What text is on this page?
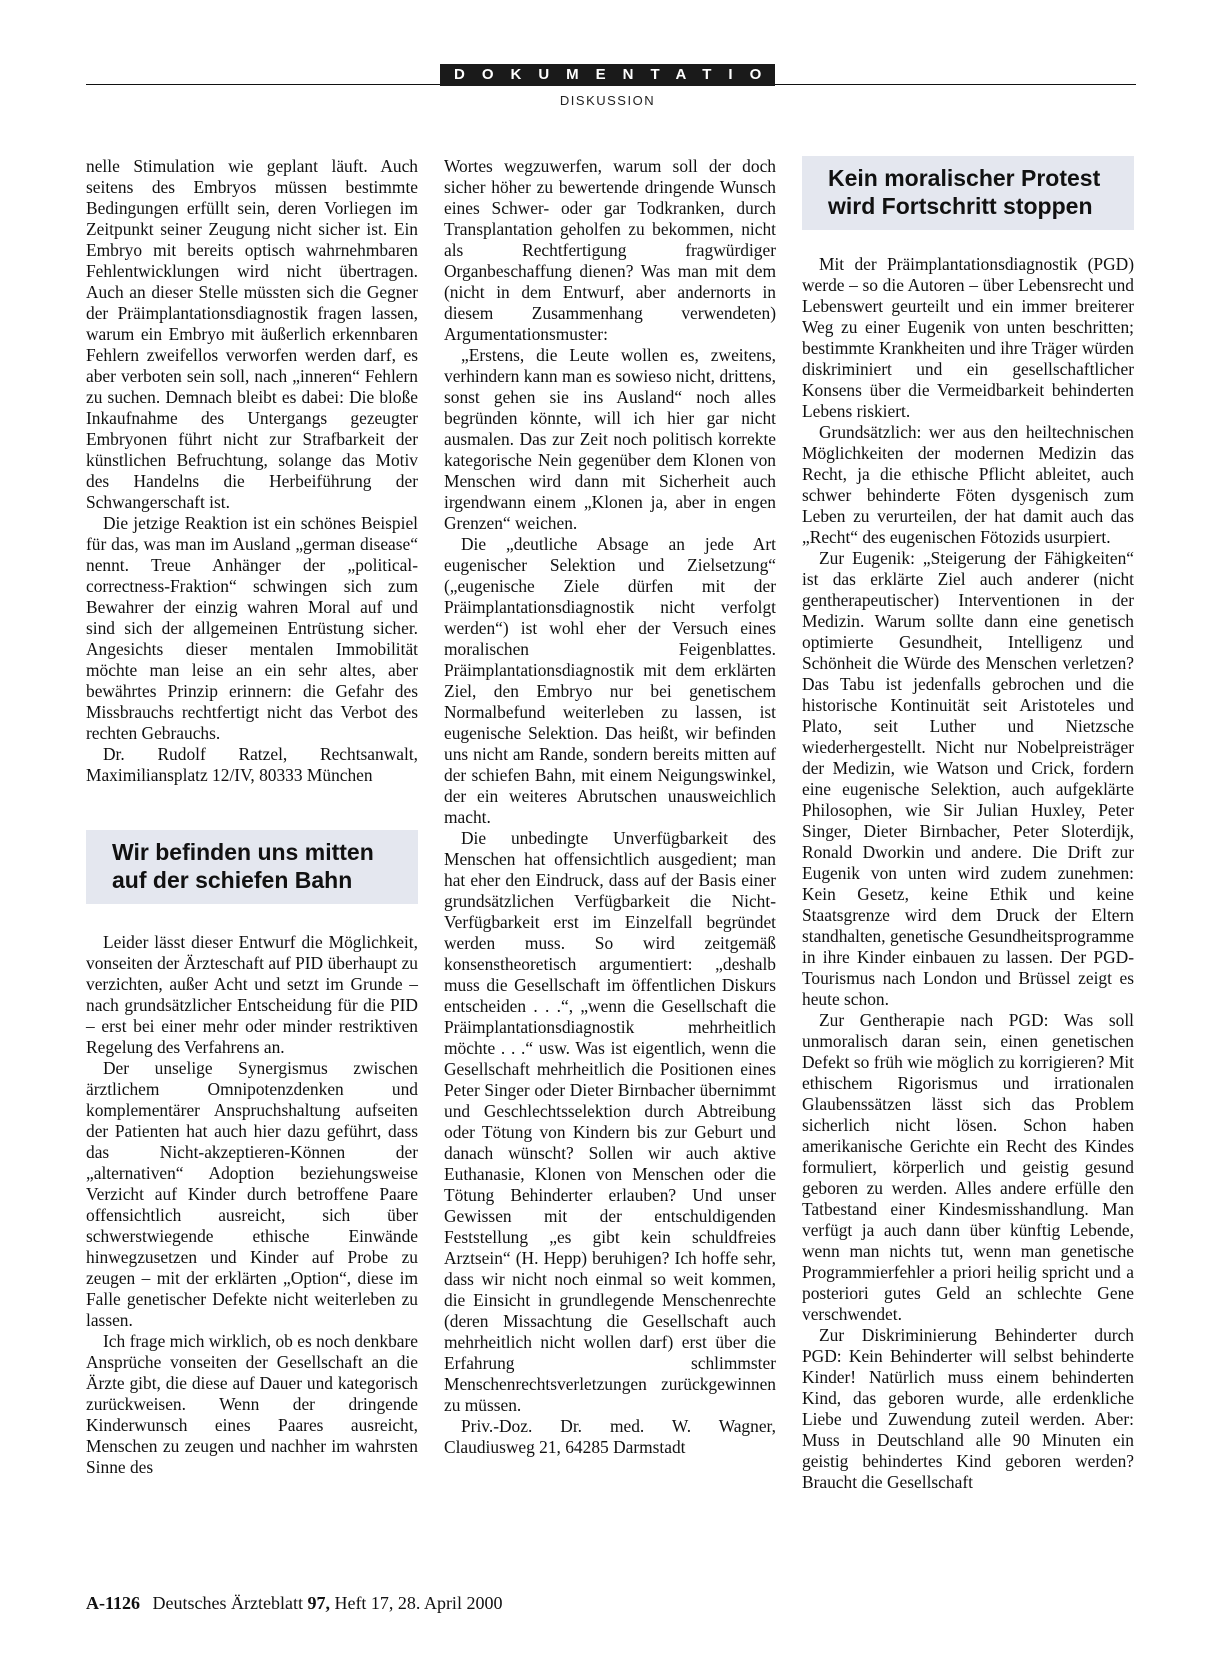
DOKUMENTATION
DISKUSSION

nelle Stimulation wie geplant läuft. Auch seitens des Embryos müssen bestimmte Bedingungen erfüllt sein, deren Vorliegen im Zeitpunkt seiner Zeugung nicht sicher ist. Ein Embryo mit bereits optisch wahrnehmbaren Fehlentwicklungen wird nicht übertragen. Auch an dieser Stelle müssten sich die Gegner der Präimplantationsdiagnostik fragen lassen, warum ein Embryo mit äußerlich erkennbaren Fehlern zweifellos verworfen werden darf, es aber verboten sein soll, nach „inneren“ Fehlern zu suchen. Demnach bleibt es dabei: Die bloße Inkaufnahme des Untergangs gezeugter Embryonen führt nicht zur Strafbarkeit der künstlichen Befruchtung, solange das Motiv des Handelns die Herbeiführung der Schwangerschaft ist.

Die jetzige Reaktion ist ein schönes Beispiel für das, was man im Ausland „german disease“ nennt. Treue Anhänger der „political-correctness-Fraktion“ schwingen sich zum Bewahrer der einzig wahren Moral auf und sind sich der allgemeinen Entrüstung sicher. Angesichts dieser mentalen Immobilität möchte man leise an ein sehr altes, aber bewährtes Prinzip erinnern: die Gefahr des Missbrauchs rechtfertigt nicht das Verbot des rechten Gebrauchs.

Dr. Rudolf Ratzel, Rechtsanwalt, Maximiliansplatz 12/IV, 80333 München

Wir befinden uns mitten auf der schiefen Bahn

Leider lässt dieser Entwurf die Möglichkeit, vonseiten der Ärzteschaft auf PID überhaupt zu verzichten, außer Acht und setzt im Grunde – nach grundsätzlicher Entscheidung für die PID – erst bei einer mehr oder minder restriktiven Regelung des Verfahrens an.

Der unselige Synergismus zwischen ärztlichem Omnipotenzdenken und komplementärer Anspruchshaltung aufseiten der Patienten hat auch hier dazu geführt, dass das Nicht-akzeptieren-Können der „alternativen“ Adoption beziehungsweise Verzicht auf Kinder durch betroffene Paare offensichtlich ausreicht, sich über schwerstwiegende ethische Einwände hinwegzusetzen und Kinder auf Probe zu zeugen – mit der erklärten „Option“, diese im Falle genetischer Defekte nicht weiterleben zu lassen.

Ich frage mich wirklich, ob es noch denkbare Ansprüche vonseiten der Gesellschaft an die Ärzte gibt, die diese auf Dauer und kategorisch zurückweisen. Wenn der dringende Kinderwunsch eines Paares ausreicht, Menschen zu zeugen und nachher im wahrsten Sinne des

Wortes wegzuwerfen, warum soll der doch sicher höher zu bewertende dringende Wunsch eines Schwer- oder gar Todkranken, durch Transplantation geholfen zu bekommen, nicht als Rechtfertigung fragwürdiger Organbeschaffung dienen? Was man mit dem (nicht in dem Entwurf, aber andernorts in diesem Zusammenhang verwendeten) Argumentationsmuster:

„Erstens, die Leute wollen es, zweitens, verhindern kann man es sowieso nicht, drittens, sonst gehen sie ins Ausland“ noch alles begründen könnte, will ich hier gar nicht ausmalen. Das zur Zeit noch politisch korrekte kategorische Nein gegenüber dem Klonen von Menschen wird dann mit Sicherheit auch irgendwann einem „Klonen ja, aber in engen Grenzen“ weichen.

Die „deutliche Absage an jede Art eugenischer Selektion und Zielsetzung“ („eugenische Ziele dürfen mit der Präimplantationsdiagnostik nicht verfolgt werden“) ist wohl eher der Versuch eines moralischen Feigenblattes. Präimplantationsdiagnostik mit dem erklärten Ziel, den Embryo nur bei genetischem Normalbefund weiterleben zu lassen, ist eugenische Selektion. Das heißt, wir befinden uns nicht am Rande, sondern bereits mitten auf der schiefen Bahn, mit einem Neigungswinkel, der ein weiteres Abrutschen unausweichlich macht.

Die unbedingte Unverfügbarkeit des Menschen hat offensichtlich ausgedient; man hat eher den Eindruck, dass auf der Basis einer grundsätzlichen Verfügbarkeit die Nicht-Verfügbarkeit erst im Einzelfall begründet werden muss. So wird zeitgemäß konsenstheoretisch argumentiert: „deshalb muss die Gesellschaft im öffentlichen Diskurs entscheiden . . .“, „wenn die Gesellschaft die Präimplantationsdiagnostik mehrheitlich möchte . . .“ usw. Was ist eigentlich, wenn die Gesellschaft mehrheitlich die Positionen eines Peter Singer oder Dieter Birnbacher übernimmt und Geschlechtsselektion durch Abtreibung oder Tötung von Kindern bis zur Geburt und danach wünscht? Sollen wir auch aktive Euthanasie, Klonen von Menschen oder die Tötung Behinderter erlauben? Und unser Gewissen mit der entschuldigenden Feststellung „es gibt kein schuldfreies Arztsein“ (H. Hepp) beruhigen? Ich hoffe sehr, dass wir nicht noch einmal so weit kommen, die Einsicht in grundlegende Menschenrechte (deren Missachtung die Gesellschaft auch mehrheitlich nicht wollen darf) erst über die Erfahrung schlimmster Menschenrechtsverletzungen zurückgewinnen zu müssen.

Priv.-Doz. Dr. med. W. Wagner, Claudiusweg 21, 64285 Darmstadt

Kein moralischer Protest wird Fortschritt stoppen

Mit der Präimplantationsdiagnostik (PGD) werde – so die Autoren – über Lebensrecht und Lebenswert geurteilt und ein immer breiterer Weg zu einer Eugenik von unten beschritten; bestimmte Krankheiten und ihre Träger würden diskriminiert und ein gesellschaftlicher Konsens über die Vermeidbarkeit behinderten Lebens riskiert.

Grundsätzlich: wer aus den heiltechnischen Möglichkeiten der modernen Medizin das Recht, ja die ethische Pflicht ableitet, auch schwer behinderte Föten dysgenisch zum Leben zu verurteilen, der hat damit auch das „Recht“ des eugenischen Fötozids usurpiert.

Zur Eugenik: „Steigerung der Fähigkeiten“ ist das erklärte Ziel auch anderer (nicht gentherapeutischer) Interventionen in der Medizin. Warum sollte dann eine genetisch optimierte Gesundheit, Intelligenz und Schönheit die Würde des Menschen verletzen? Das Tabu ist jedenfalls gebrochen und die historische Kontinuität seit Aristoteles und Plato, seit Luther und Nietzsche wiederhergestellt. Nicht nur Nobelpreisträger der Medizin, wie Watson und Crick, fordern eine eugenische Selektion, auch aufgeklärte Philosophen, wie Sir Julian Huxley, Peter Singer, Dieter Birnbacher, Peter Sloterdijk, Ronald Dworkin und andere. Die Drift zur Eugenik von unten wird zudem zunehmen: Kein Gesetz, keine Ethik und keine Staatsgrenze wird dem Druck der Eltern standhalten, genetische Gesundheitsprogramme in ihre Kinder einbauen zu lassen. Der PGD-Tourismus nach London und Brüssel zeigt es heute schon.

Zur Gentherapie nach PGD: Was soll unmoralisch daran sein, einen genetischen Defekt so früh wie möglich zu korrigieren? Mit ethischem Rigorismus und irrationalen Glaubenssätzen lässt sich das Problem sicherlich nicht lösen. Schon haben amerikanische Gerichte ein Recht des Kindes formuliert, körperlich und geistig gesund geboren zu werden. Alles andere erfülle den Tatbestand einer Kindesmisshandlung. Man verfügt ja auch dann über künftig Lebende, wenn man nichts tut, wenn man genetische Programmierfehler a priori heilig spricht und a posteriori gutes Geld an schlechte Gene verschwendet.

Zur Diskriminierung Behinderter durch PGD: Kein Behinderter will selbst behinderte Kinder! Natürlich muss einem behinderten Kind, das geboren wurde, alle erdenkliche Liebe und Zuwendung zuteil werden. Aber: Muss in Deutschland alle 90 Minuten ein geistig behindertes Kind geboren werden? Braucht die Gesellschaft

A-1126 Deutsches Ärzteblatt 97, Heft 17, 28. April 2000
